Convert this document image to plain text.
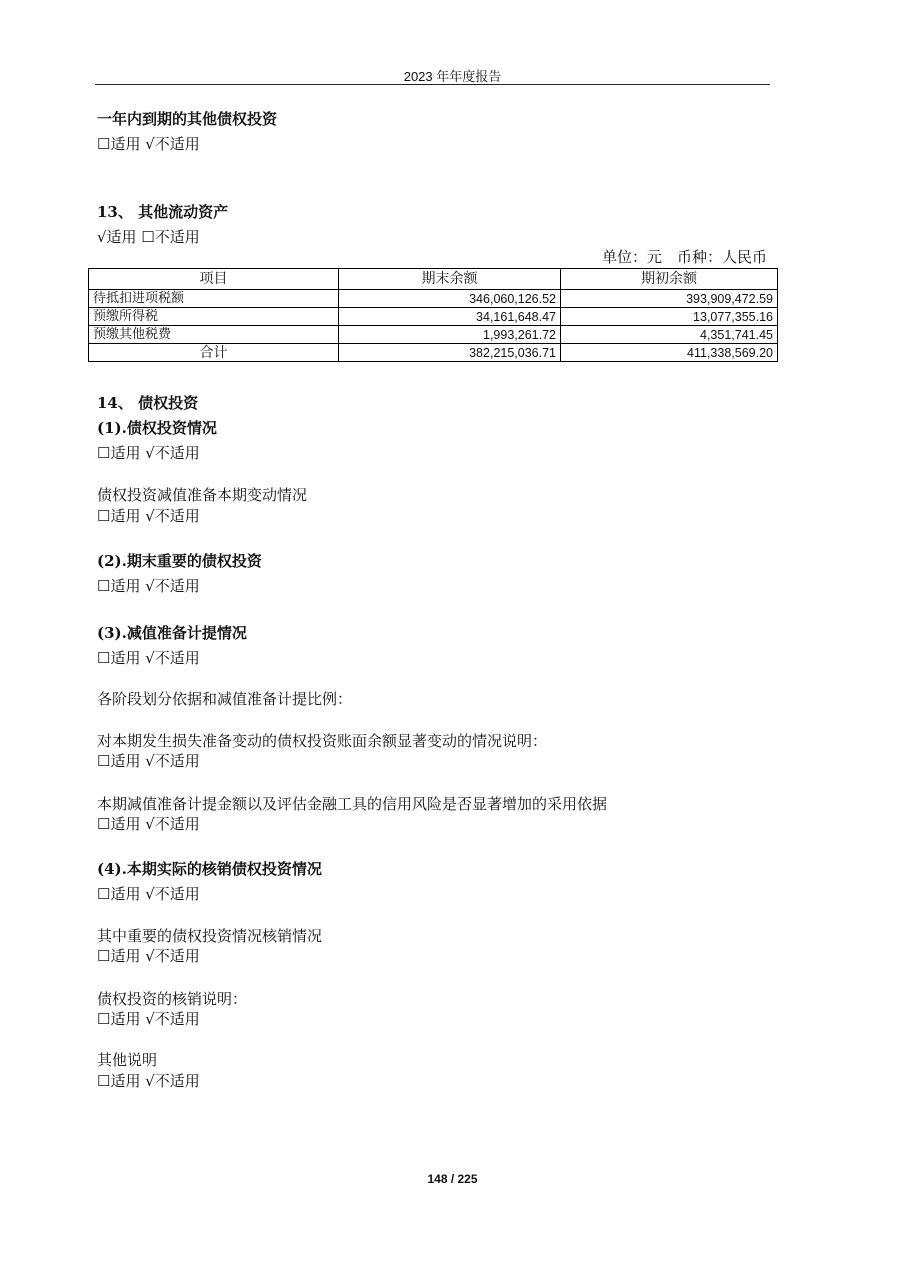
2023 年年度报告
一年内到期的其他债权投资
☐适用 √不适用
13、 其他流动资产
√适用 ☐不适用
单位：元　币种：人民币
项目	期末余额	期初余额
待抵扣进项税额	346,060,126.52	393,909,472.59
预缴所得税	34,161,648.47	13,077,355.16
预缴其他税费	1,993,261.72	4,351,741.45
合计	382,215,036.71	411,338,569.20
14、 债权投资
(1).债权投资情况
☐适用 √不适用
债权投资减值准备本期变动情况
☐适用 √不适用
(2).期末重要的债权投资
☐适用 √不适用
(3).减值准备计提情况
☐适用 √不适用
各阶段划分依据和减值准备计提比例：
对本期发生损失准备变动的债权投资账面余额显著变动的情况说明：
☐适用 √不适用
本期减值准备计提金额以及评估金融工具的信用风险是否显著增加的采用依据
☐适用 √不适用
(4).本期实际的核销债权投资情况
☐适用 √不适用
其中重要的债权投资情况核销情况
☐适用 √不适用
债权投资的核销说明：
☐适用 √不适用
其他说明
☐适用 √不适用
148 / 225
